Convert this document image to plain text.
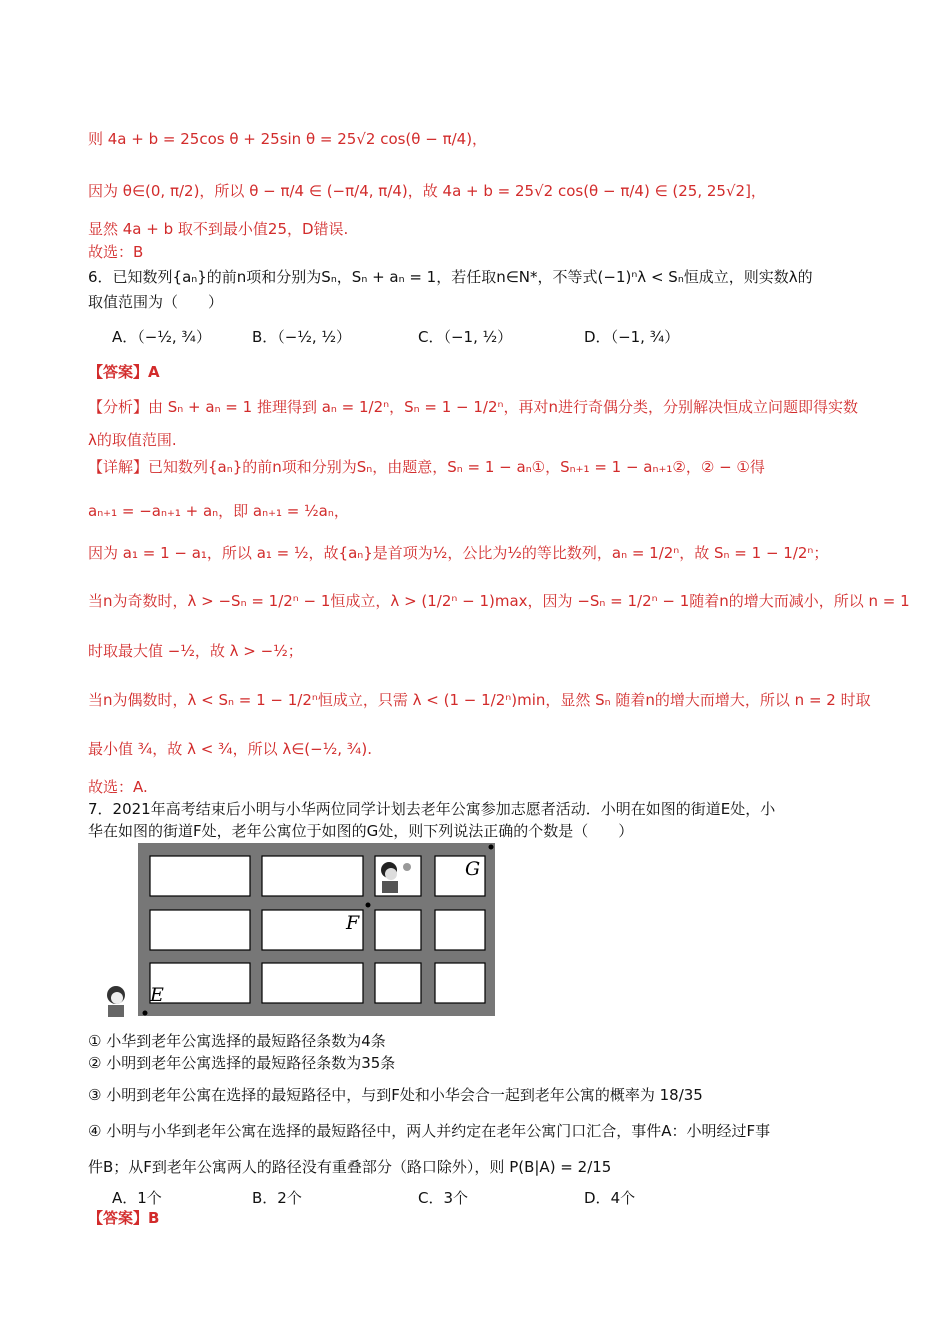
则 4a + b = 25cos θ + 25sin θ = 25√2 cos(θ − π/4)，
因为 θ∈(0, π/2)，所以 θ − π/4 ∈ (−π/4, π/4)，故 4a + b = 25√2 cos(θ − π/4) ∈ (25, 25√2]，
显然 4a + b 取不到最小值25，D错误.
故选：B
6．已知数列{aₙ}的前n项和分别为Sₙ，Sₙ + aₙ = 1，若任取n∈N*，不等式(−1)ⁿλ < Sₙ恒成立，则实数λ的
取值范围为（　　）
A．（−½, ¾）	B．（−½, ½）	C．（−1, ½）	D．（−1, ¾）
【答案】A
【分析】由 Sₙ + aₙ = 1 推理得到 aₙ = 1/2ⁿ，Sₙ = 1 − 1/2ⁿ，再对n进行奇偶分类，分别解决恒成立问题即得实数
λ的取值范围.
【详解】已知数列{aₙ}的前n项和分别为Sₙ，由题意，Sₙ = 1 − aₙ①，Sₙ₊₁ = 1 − aₙ₊₁②，② − ①得
aₙ₊₁ = −aₙ₊₁ + aₙ，即 aₙ₊₁ = ½aₙ，
因为 a₁ = 1 − a₁，所以 a₁ = ½，故{aₙ}是首项为½，公比为½的等比数列，aₙ = 1/2ⁿ，故 Sₙ = 1 − 1/2ⁿ；
当n为奇数时，λ > −Sₙ = 1/2ⁿ − 1恒成立，λ > (1/2ⁿ − 1)max，因为 −Sₙ = 1/2ⁿ − 1随着n的增大而减小，所以 n = 1
时取最大值 −½，故 λ > −½；
当n为偶数时，λ < Sₙ = 1 − 1/2ⁿ恒成立，只需 λ < (1 − 1/2ⁿ)min，显然 Sₙ 随着n的增大而增大，所以 n = 2 时取
最小值 ¾，故 λ < ¾，所以 λ∈(−½, ¾).
故选：A.
7．2021年高考结束后小明与小华两位同学计划去老年公寓参加志愿者活动．小明在如图的街道E处，小
华在如图的街道F处，老年公寓位于如图的G处，则下列说法正确的个数是（　　）
E
F
G
① 小华到老年公寓选择的最短路径条数为4条
② 小明到老年公寓选择的最短路径条数为35条
③ 小明到老年公寓在选择的最短路径中，与到F处和小华会合一起到老年公寓的概率为 18/35
④ 小明与小华到老年公寓在选择的最短路径中，两人并约定在老年公寓门口汇合，事件A：小明经过F事
件B；从F到老年公寓两人的路径没有重叠部分（路口除外），则 P(B|A) = 2/15
A．1个	B．2个	C．3个	D．4个
【答案】B
